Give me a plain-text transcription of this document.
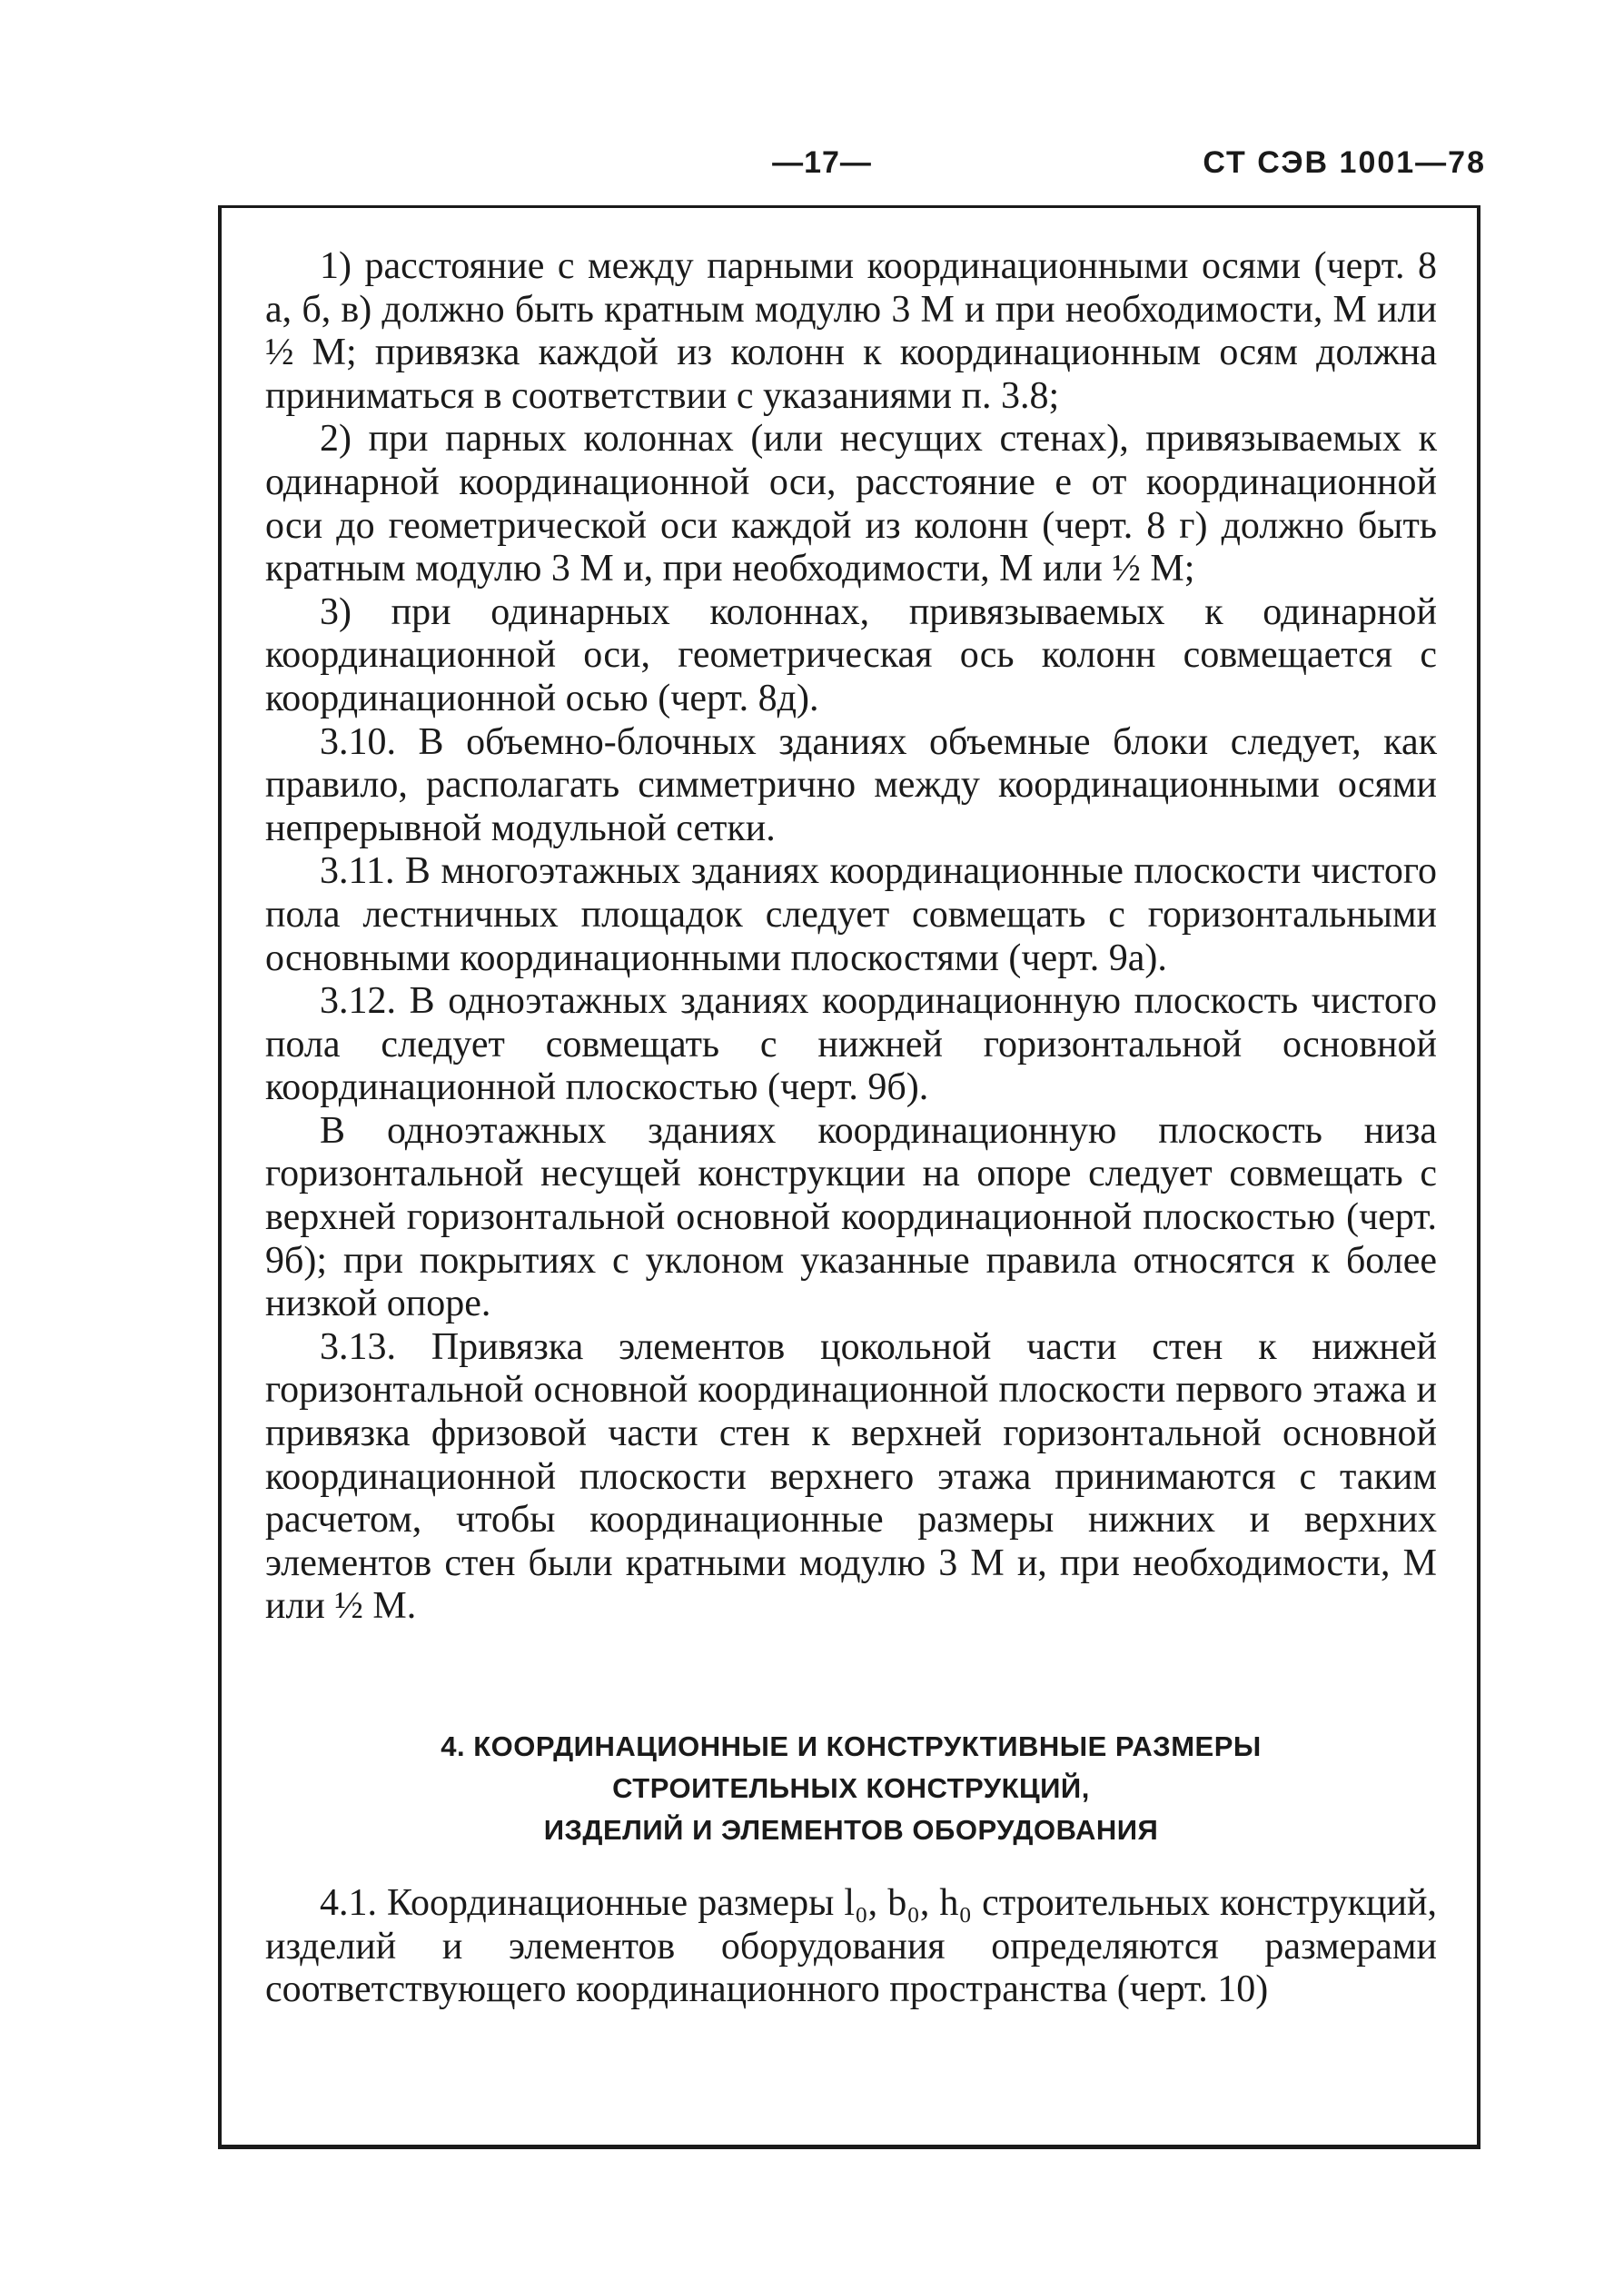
—17—	СТ СЭВ 1001—78

1) расстояние c между парными координационными осями (черт. 8 а, б, в) должно быть кратным модулю 3 M и при необходимости, M или ½ M; привязка каждой из колонн к координационным осям должна приниматься в соответствии с указаниями п. 3.8;

2) при парных колоннах (или несущих стенах), привязываемых к одинарной координационной оси, расстояние e от координационной оси до геометрической оси каждой из колонн (черт. 8 г) должно быть кратным модулю 3 M и, при необходимости, M или ½ M;

3) при одинарных колоннах, привязываемых к одинарной координационной оси, геометрическая ось колонн совмещается с координационной осью (черт. 8д).

3.10. В объемно-блочных зданиях объемные блоки следует, как правило, располагать симметрично между координационными осями непрерывной модульной сетки.

3.11. В многоэтажных зданиях координационные плоскости чистого пола лестничных площадок следует совмещать с горизонтальными основными координационными плоскостями (черт. 9а).

3.12. В одноэтажных зданиях координационную плоскость чистого пола следует совмещать с нижней горизонтальной основной координационной плоскостью (черт. 9б).

В одноэтажных зданиях координационную плоскость низа горизонтальной несущей конструкции на опоре следует совмещать с верхней горизонтальной основной координационной плоскостью (черт. 9б); при покрытиях с уклоном указанные правила относятся к более низкой опоре.

3.13. Привязка элементов цокольной части стен к нижней горизонтальной основной координационной плоскости первого этажа и привязка фризовой части стен к верхней горизонтальной основной координационной плоскости верхнего этажа принимаются с таким расчетом, чтобы координационные размеры нижних и верхних элементов стен были кратными модулю 3 M и, при необходимости, M или ½ M.

4. КООРДИНАЦИОННЫЕ И КОНСТРУКТИВНЫЕ РАЗМЕРЫ
СТРОИТЕЛЬНЫХ КОНСТРУКЦИЙ,
ИЗДЕЛИЙ И ЭЛЕМЕНТОВ ОБОРУДОВАНИЯ

4.1. Координационные размеры l₀, b₀, h₀ строительных конструкций, изделий и элементов оборудования определяются размерами соответствующего координационного пространства (черт. 10)
